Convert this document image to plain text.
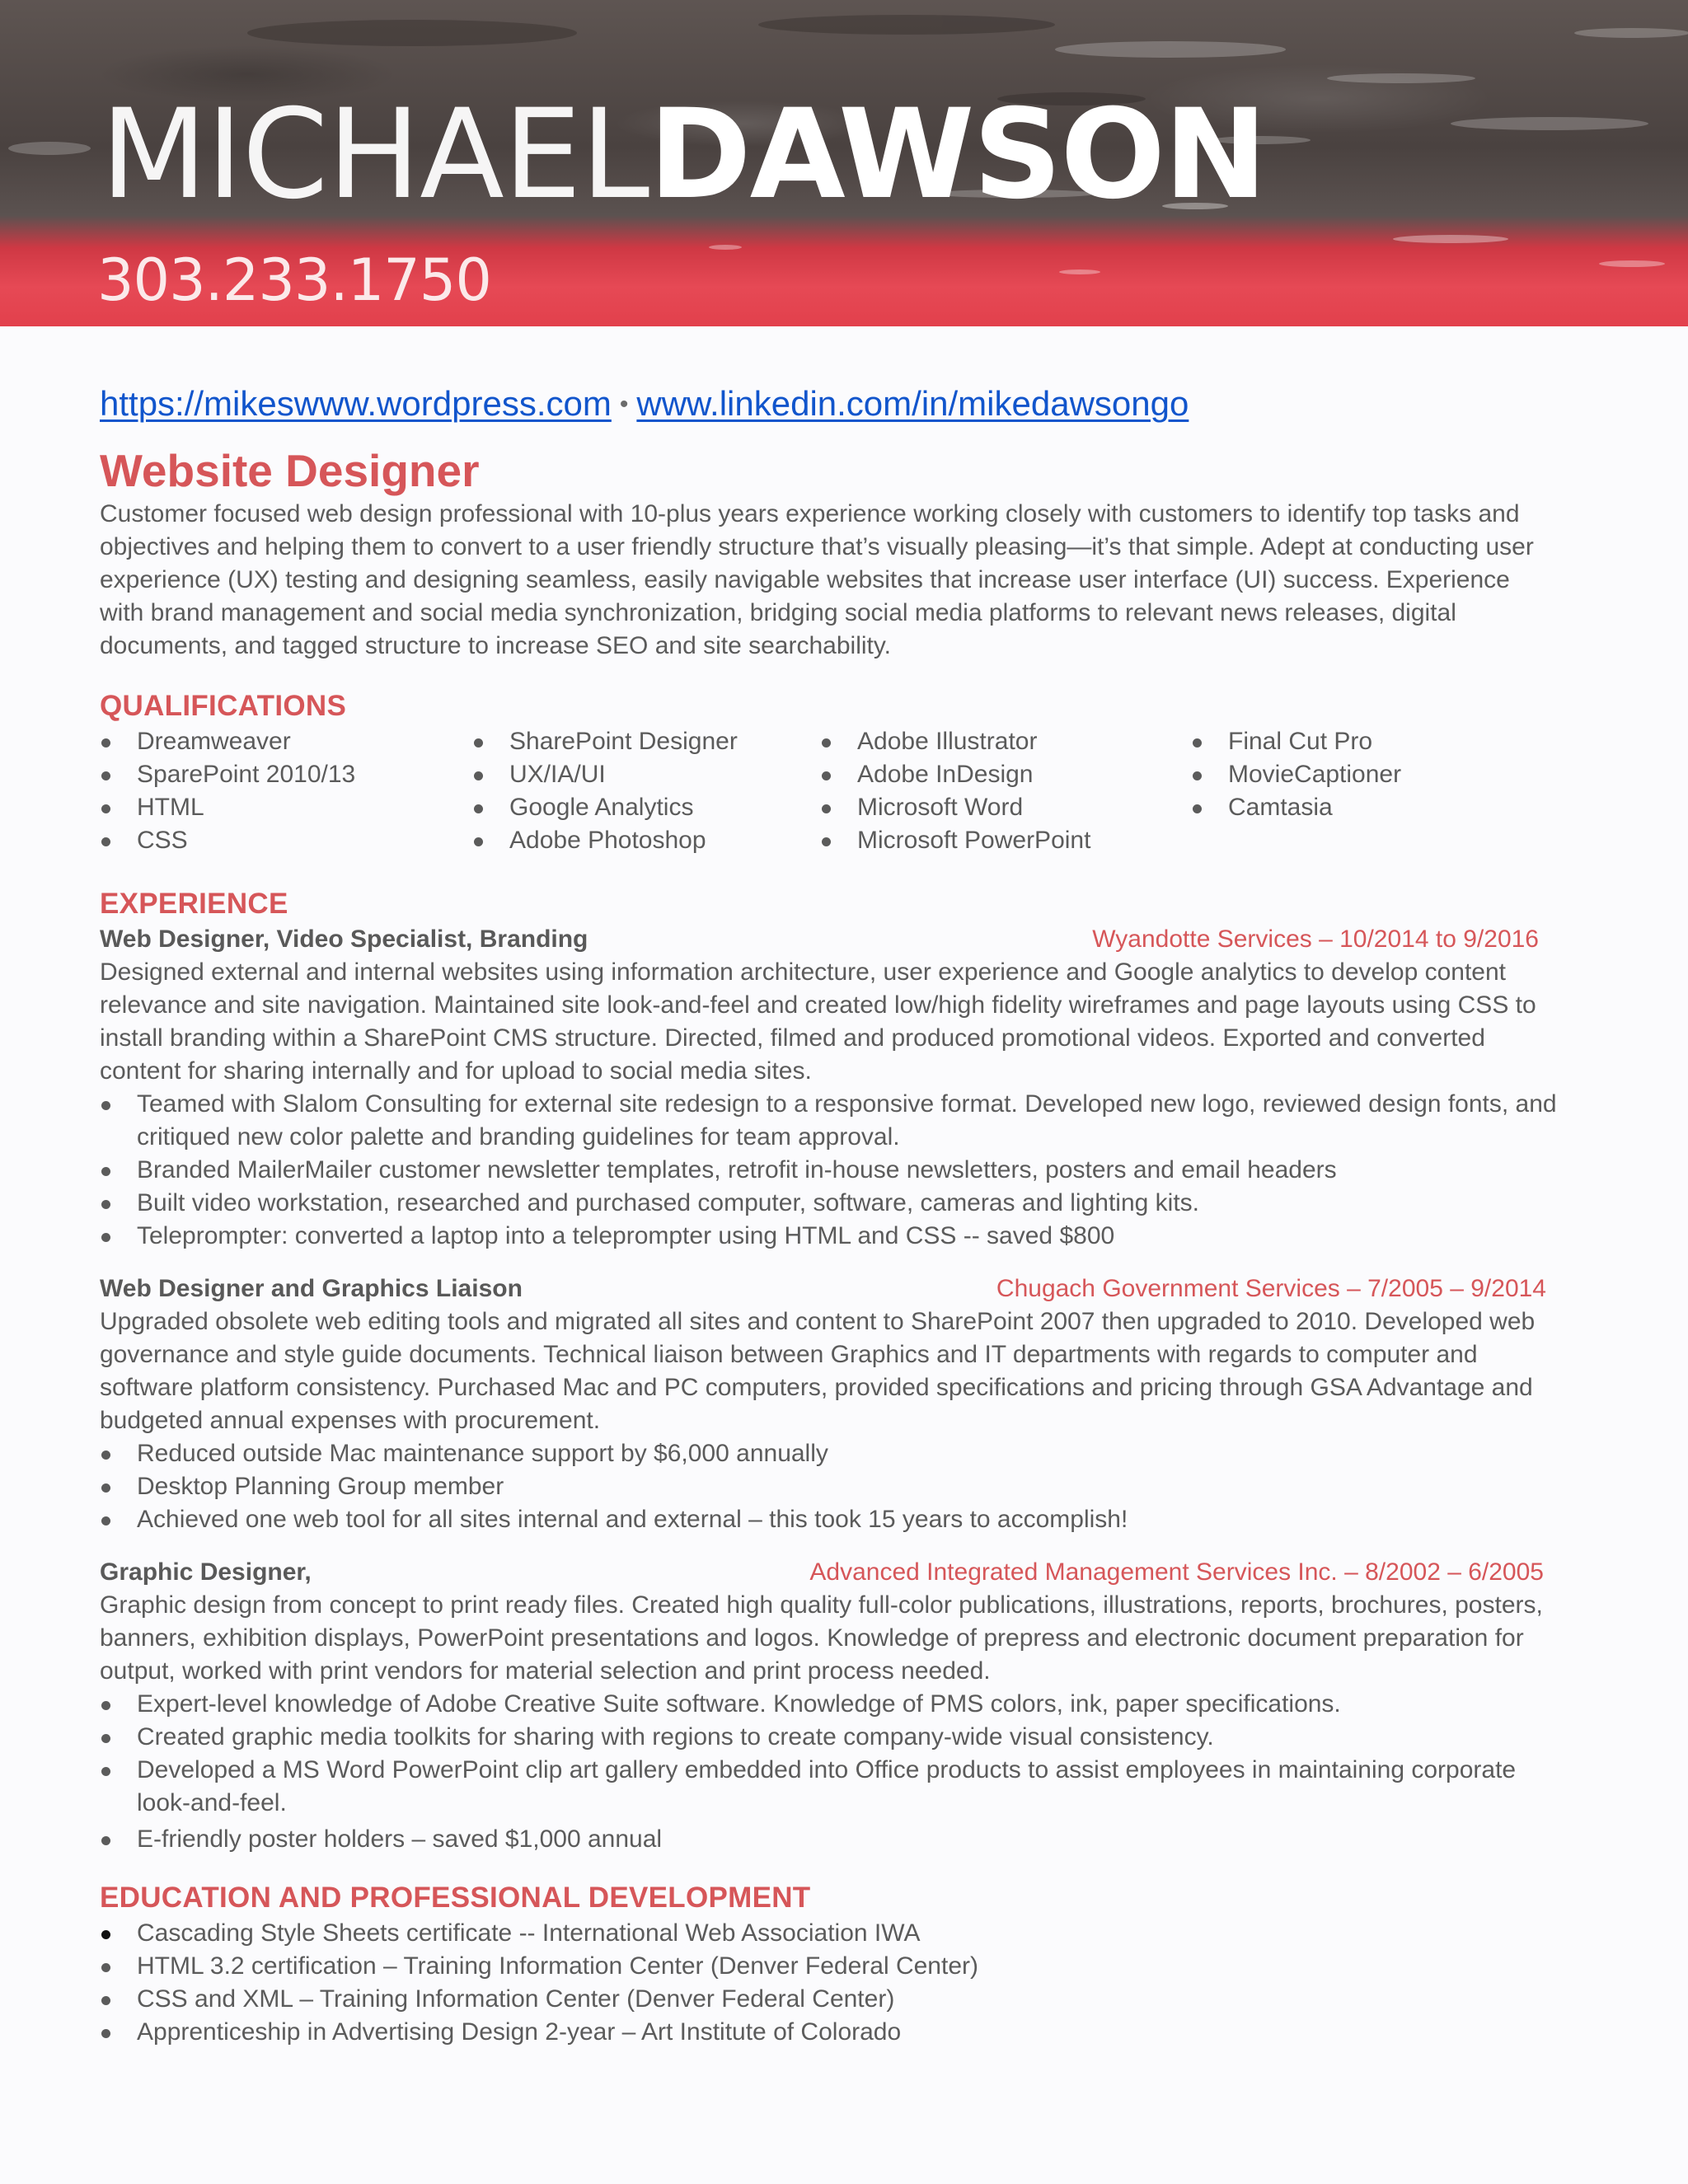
MICHAELDAWSON
303.233.1750
https://mikeswww.wordpress.com • www.linkedin.com/in/mikedawsongo
Website Designer

Customer focused web design professional with 10-plus years experience working closely with customers to identify top tasks and objectives and helping them to convert to a user friendly structure that’s visually pleasing—it’s that simple. Adept at conducting user experience (UX) testing and designing seamless, easily navigable websites that increase user interface (UI) success. Experience with brand management and social media synchronization, bridging social media platforms to relevant news releases, digital documents, and tagged structure to increase SEO and site searchability.

QUALIFICATIONS
Dreamweaver
SparePoint 2010/13
HTML
CSS
SharePoint Designer
UX/IA/UI
Google Analytics
Adobe Photoshop
Adobe Illustrator
Adobe InDesign
Microsoft Word
Microsoft PowerPoint
Final Cut Pro
MovieCaptioner
Camtasia
EXPERIENCE
Web Designer, Video Specialist, Branding	Wyandotte Services – 10/2014 to 9/2016

Designed external and internal websites using information architecture, user experience and Google analytics to develop content relevance and site navigation. Maintained site look-and-feel and created low/high fidelity wireframes and page layouts using CSS to install branding within a SharePoint CMS structure. Directed, filmed and produced promotional videos. Exported and converted content for sharing internally and for upload to social media sites.

Teamed with Slalom Consulting for external site redesign to a responsive format. Developed new logo, reviewed design fonts, and critiqued new color palette and branding guidelines for team approval.
Branded MailerMailer customer newsletter templates, retrofit in-house newsletters, posters and email headers
Built video workstation, researched and purchased computer, software, cameras and lighting kits.
Teleprompter: converted a laptop into a teleprompter using HTML and CSS -- saved $800
Web Designer and Graphics Liaison	Chugach Government Services – 7/2005 – 9/2014

Upgraded obsolete web editing tools and migrated all sites and content to SharePoint 2007 then upgraded to 2010. Developed web governance and style guide documents. Technical liaison between Graphics and IT departments with regards to computer and software platform consistency. Purchased Mac and PC computers, provided specifications and pricing through GSA Advantage and budgeted annual expenses with procurement.

Reduced outside Mac maintenance support by $6,000 annually
Desktop Planning Group member
Achieved one web tool for all sites internal and external – this took 15 years to accomplish!
Graphic Designer,	Advanced Integrated Management Services Inc. – 8/2002 – 6/2005

Graphic design from concept to print ready files. Created high quality full-color publications, illustrations, reports, brochures, posters, banners, exhibition displays, PowerPoint presentations and logos. Knowledge of prepress and electronic document preparation for output, worked with print vendors for material selection and print process needed.

Expert-level knowledge of Adobe Creative Suite software. Knowledge of PMS colors, ink, paper specifications.
Created graphic media toolkits for sharing with regions to create company-wide visual consistency.
Developed a MS Word PowerPoint clip art gallery embedded into Office products to assist employees in maintaining corporate look-and-feel.
E-friendly poster holders – saved $1,000 annual
EDUCATION AND PROFESSIONAL DEVELOPMENT
Cascading Style Sheets certificate -- International Web Association IWA
HTML 3.2 certification – Training Information Center (Denver Federal Center)
CSS and XML – Training Information Center (Denver Federal Center)
Apprenticeship in Advertising Design 2-year – Art Institute of Colorado
